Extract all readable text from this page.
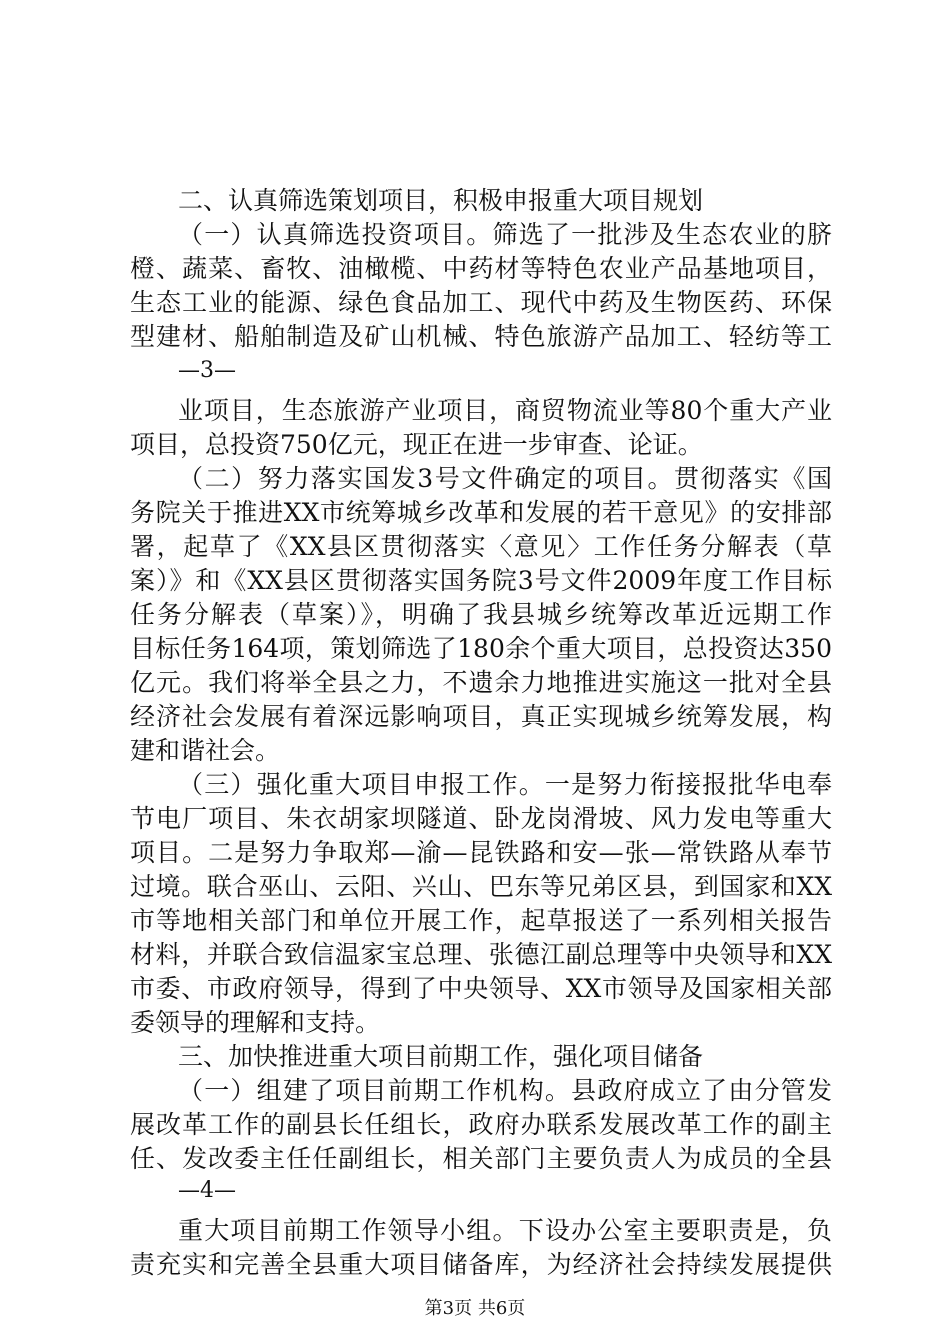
二、认真筛选策划项目，积极申报重大项目规划
（一）认真筛选投资项目。筛选了一批涉及生态农业的脐
橙、蔬菜、畜牧、油橄榄、中药材等特色农业产品基地项目，
生态工业的能源、绿色食品加工、现代中药及生物医药、环保
型建材、船舶制造及矿山机械、特色旅游产品加工、轻纺等工
—3—
业项目，生态旅游产业项目，商贸物流业等80个重大产业
项目，总投资750亿元，现正在进一步审查、论证。
（二）努力落实国发3号文件确定的项目。贯彻落实《国
务院关于推进XX市统筹城乡改革和发展的若干意见》的安排部
署，起草了《XX县区贯彻落实〈意见〉工作任务分解表（草
案）》和《XX县区贯彻落实国务院3号文件2009年度工作目标
任务分解表（草案）》，明确了我县城乡统筹改革近远期工作
目标任务164项，策划筛选了180余个重大项目，总投资达350
亿元。我们将举全县之力，不遗余力地推进实施这一批对全县
经济社会发展有着深远影响项目，真正实现城乡统筹发展，构
建和谐社会。
（三）强化重大项目申报工作。一是努力衔接报批华电奉
节电厂项目、朱衣胡家坝隧道、卧龙岗滑坡、风力发电等重大
项目。二是努力争取郑—渝—昆铁路和安—张—常铁路从奉节
过境。联合巫山、云阳、兴山、巴东等兄弟区县，到国家和XX
市等地相关部门和单位开展工作，起草报送了一系列相关报告
材料，并联合致信温家宝总理、张德江副总理等中央领导和XX
市委、市政府领导，得到了中央领导、XX市领导及国家相关部
委领导的理解和支持。
三、加快推进重大项目前期工作，强化项目储备
（一）组建了项目前期工作机构。县政府成立了由分管发
展改革工作的副县长任组长，政府办联系发展改革工作的副主
任、发改委主任任副组长，相关部门主要负责人为成员的全县
—4—
重大项目前期工作领导小组。下设办公室主要职责是，负
责充实和完善全县重大项目储备库，为经济社会持续发展提供
第3页 共6页
